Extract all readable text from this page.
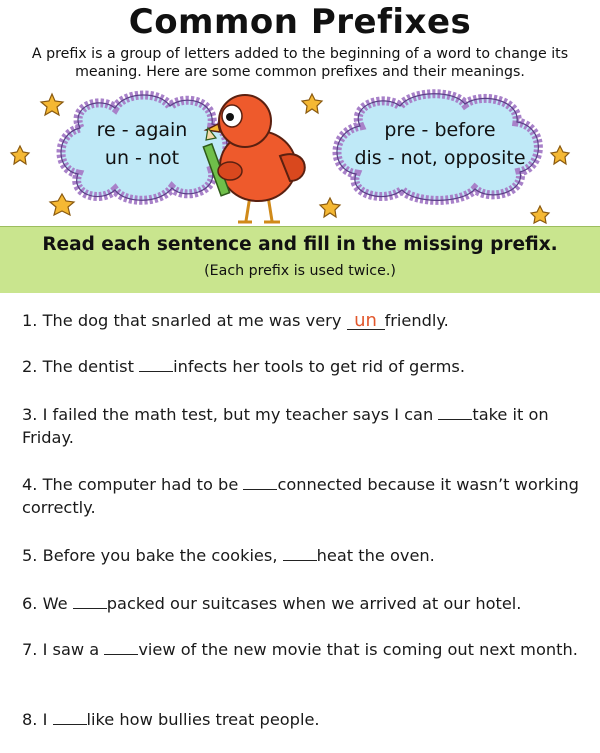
Common Prefixes
A prefix is a group of letters added to the beginning of a word to change its meaning. Here are some common prefixes and their meanings.
re - again
un - not
pre - before
dis - not, opposite
Read each sentence and fill in the missing prefix.
(Each prefix is used twice.)
1. The dog that snarled at me was very un friendly.
2. The dentist infects her tools to get rid of germs.
3. I failed the math test, but my teacher says I can take it on Friday.
4. The computer had to be connected because it wasn’t working correctly.
5. Before you bake the cookies, heat the oven.
6. We packed our suitcases when we arrived at our hotel.
7. I saw a view of the new movie that is coming out next month.
8. I like how bullies treat people.
